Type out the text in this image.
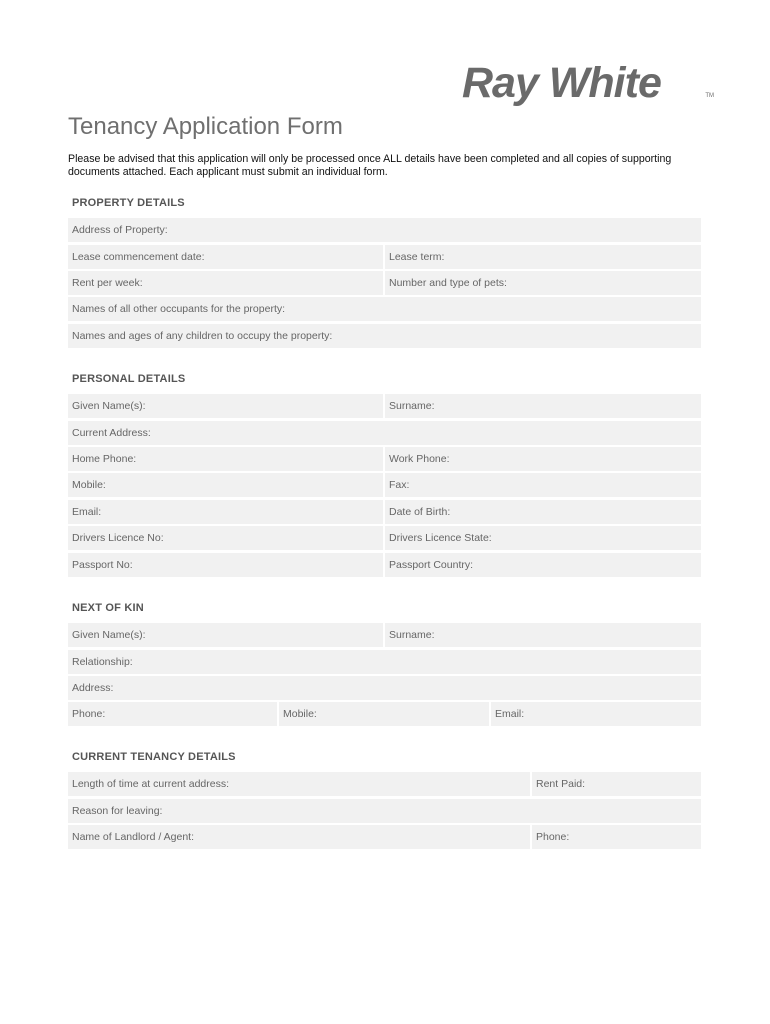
Ray White	TM
Tenancy Application Form
Please be advised that this application will only be processed once ALL details have been completed and all copies of supporting documents attached. Each applicant must submit an individual form.
PROPERTY DETAILS
Address of Property:
Lease commencement date:	Lease term:
Rent per week:	Number and type of pets:
Names of all other occupants for the property:
Names and ages of any children to occupy the property:
PERSONAL DETAILS
Given Name(s):	Surname:
Current Address:
Home Phone:	Work Phone:
Mobile:	Fax:
Email:	Date of Birth:
Drivers Licence No:	Drivers Licence State:
Passport No:	Passport Country:
NEXT OF KIN
Given Name(s):	Surname:
Relationship:
Address:
Phone:	Mobile:	Email:
CURRENT TENANCY DETAILS
Length of time at current address:	Rent Paid:
Reason for leaving:
Name of Landlord / Agent:	Phone:
